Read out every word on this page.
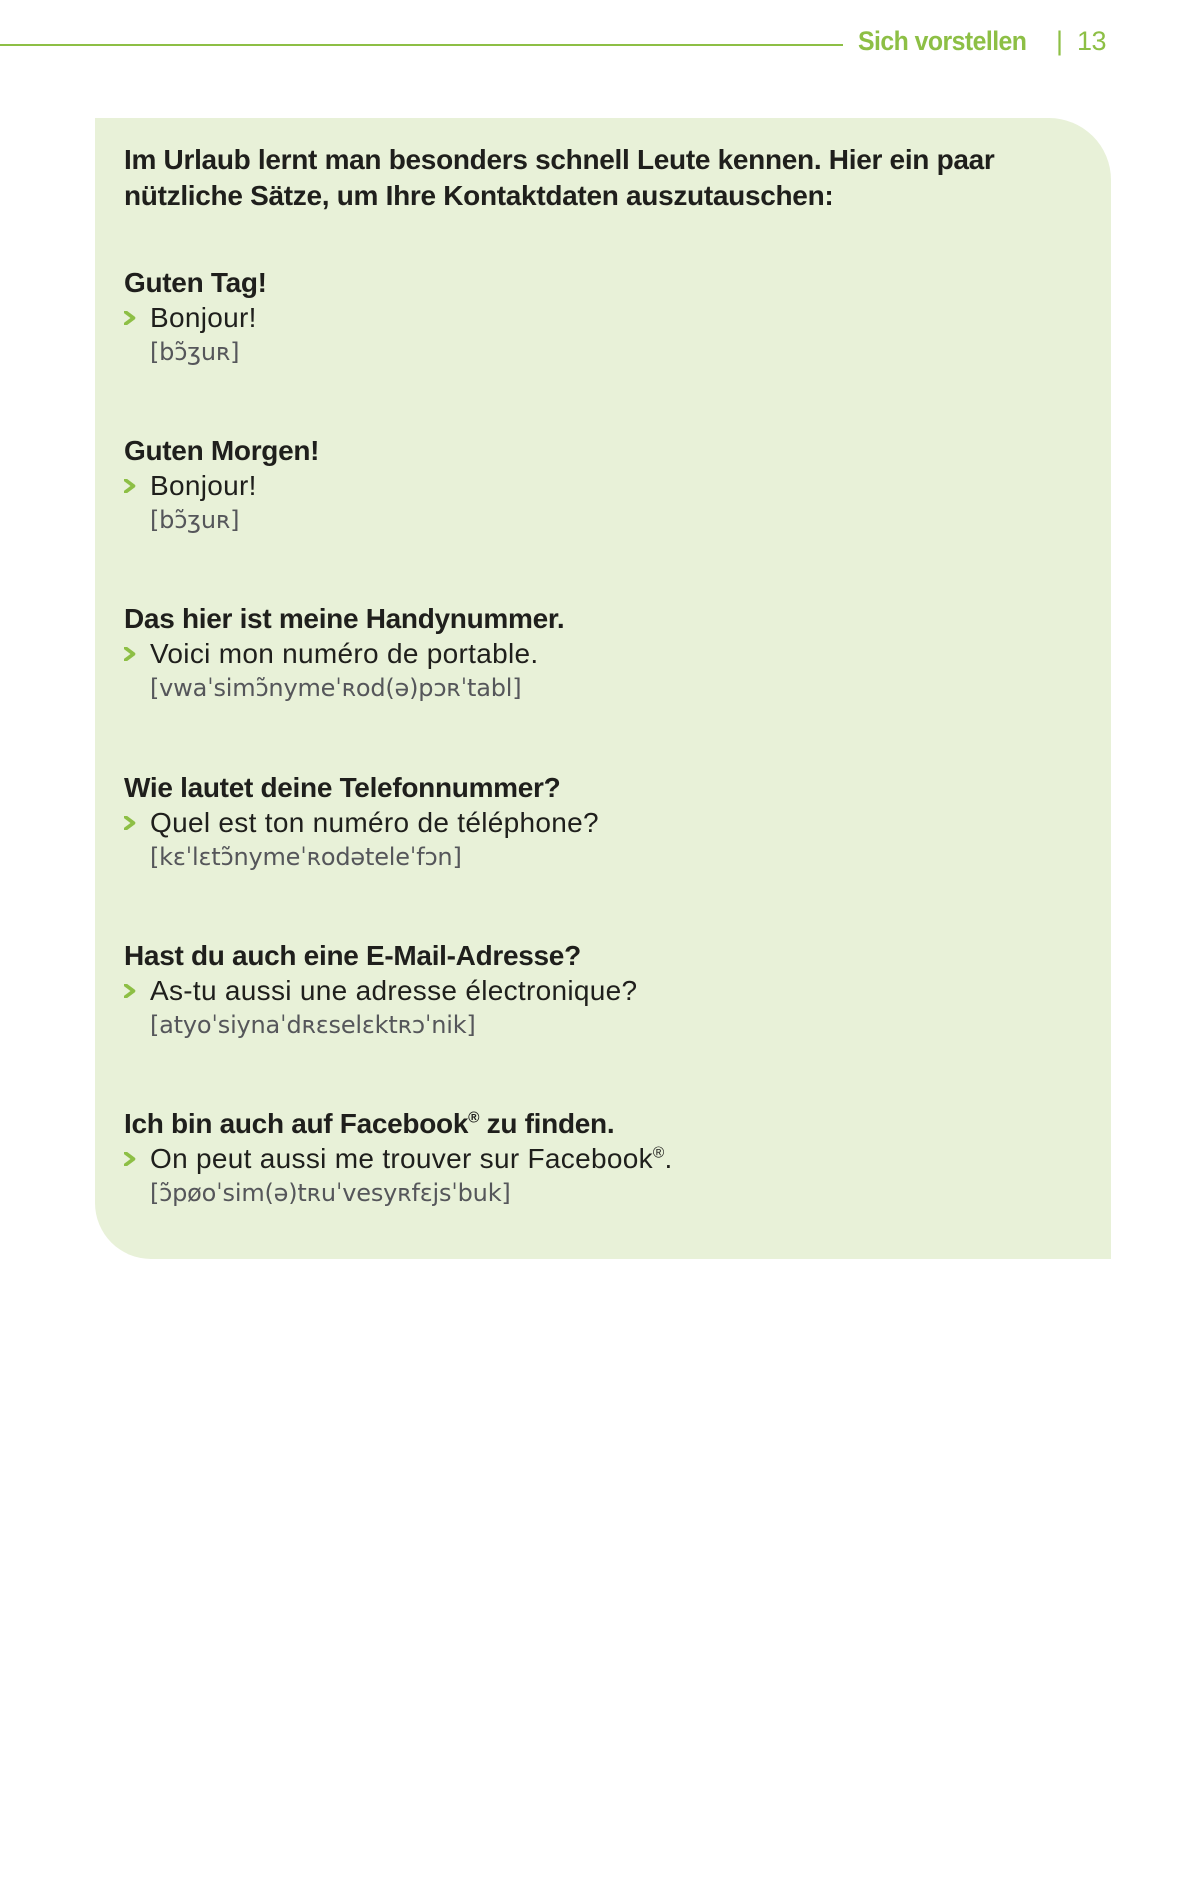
Sich vorstellen	| 13
Im Urlaub lernt man besonders schnell Leute kennen. Hier ein paar nützliche Sätze, um Ihre Kontaktdaten auszutauschen:
Guten Tag!
Bonjour!
[bɔ̃ʒuʀ]
Guten Morgen!
Bonjour!
[bɔ̃ʒuʀ]
Das hier ist meine Handynummer.
Voici mon numéro de portable.
[vwaˈsimɔ̃nymeˈʀod(ə)pɔʀˈtabl]
Wie lautet deine Telefonnummer?
Quel est ton numéro de téléphone?
[kɛˈlɛtɔ̃nymeˈʀodəteleˈfɔn]
Hast du auch eine E-Mail-Adresse?
As-tu aussi une adresse électronique?
[atyoˈsiynaˈdʀɛselɛktʀɔˈnik]
Ich bin auch auf Facebook® zu finden.
On peut aussi me trouver sur Facebook®.
[ɔ̃pøoˈsim(ə)tʀuˈvesyʀfɛjsˈbuk]
